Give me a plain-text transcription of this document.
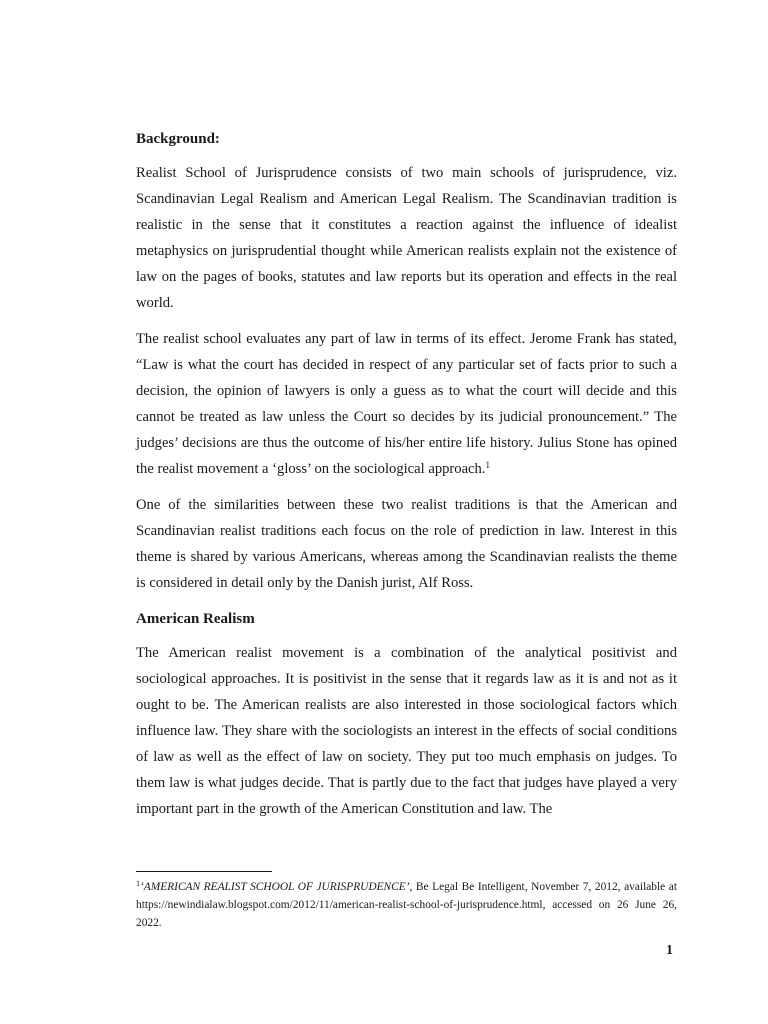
Background:

Realist School of Jurisprudence consists of two main schools of jurisprudence, viz. Scandinavian Legal Realism and American Legal Realism. The Scandinavian tradition is realistic in the sense that it constitutes a reaction against the influence of idealist metaphysics on jurisprudential thought while American realists explain not the existence of law on the pages of books, statutes and law reports but its operation and effects in the real world.

The realist school evaluates any part of law in terms of its effect. Jerome Frank has stated, “Law is what the court has decided in respect of any particular set of facts prior to such a decision, the opinion of lawyers is only a guess as to what the court will decide and this cannot be treated as law unless the Court so decides by its judicial pronouncement.” The judges’ decisions are thus the outcome of his/her entire life history. Julius Stone has opined the realist movement a ‘gloss’ on the sociological approach.$^1$

One of the similarities between these two realist traditions is that the American and Scandinavian realist traditions each focus on the role of prediction in law. Interest in this theme is shared by various Americans, whereas among the Scandinavian realists the theme is considered in detail only by the Danish jurist, Alf Ross.

American Realism

The American realist movement is a combination of the analytical positivist and sociological approaches. It is positivist in the sense that it regards law as it is and not as it ought to be. The American realists are also interested in those sociological factors which influence law. They share with the sociologists an interest in the effects of social conditions of law as well as the effect of law on society. They put too much emphasis on judges. To them law is what judges decide. That is partly due to the fact that judges have played a very important part in the growth of the American Constitution and law. The

$^1$‘AMERICAN REALIST SCHOOL OF JURISPRUDENCE’, Be Legal Be Intelligent, November 7, 2012, available at https://newindialaw.blogspot.com/2012/11/american-realist-school-of-jurisprudence.html, accessed on 26 June 26, 2022.

1
